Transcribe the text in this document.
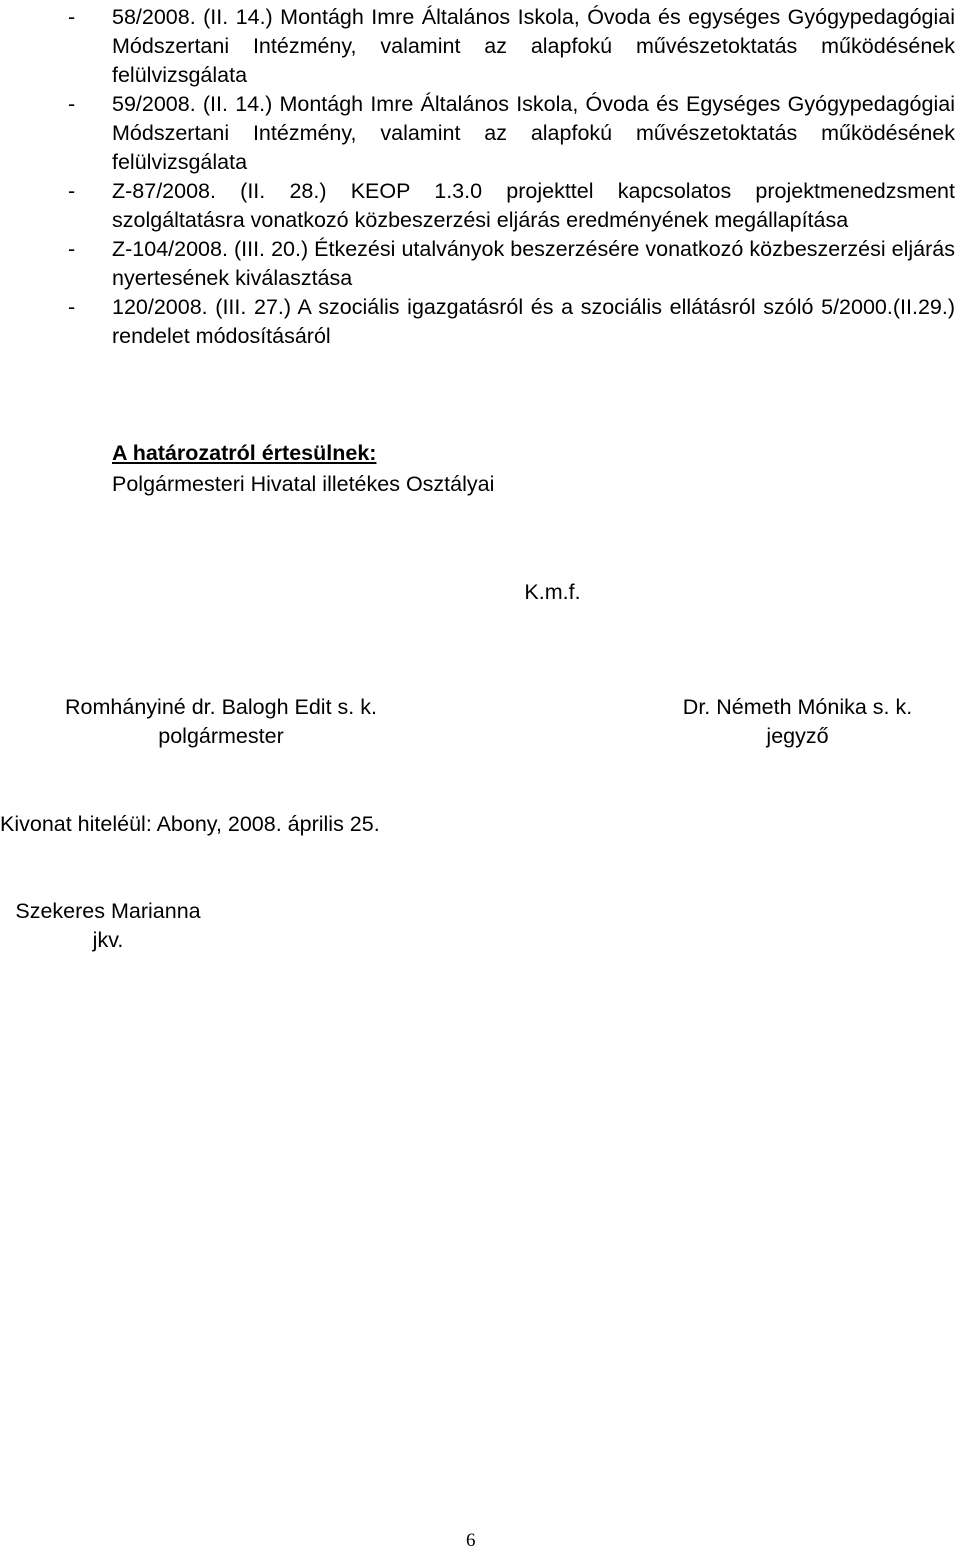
- 58/2008. (II. 14.) Montágh Imre Általános Iskola, Óvoda és egységes Gyógypedagógiai Módszertani Intézmény, valamint az alapfokú művészetoktatás működésének felülvizsgálata
- 59/2008. (II. 14.) Montágh Imre Általános Iskola, Óvoda és Egységes Gyógypedagógiai Módszertani Intézmény, valamint az alapfokú művészetoktatás működésének felülvizsgálata
- Z-87/2008. (II. 28.) KEOP 1.3.0 projekttel kapcsolatos projektmenedzsment szolgáltatásra vonatkozó közbeszerzési eljárás eredményének megállapítása
- Z-104/2008. (III. 20.) Étkezési utalványok beszerzésére vonatkozó közbeszerzési eljárás nyertesének kiválasztása
- 120/2008. (III. 27.) A szociális igazgatásról és a szociális ellátásról szóló 5/2000.(II.29.) rendelet módosításáról
A határozatról értesülnek:
Polgármesteri Hivatal illetékes Osztályai
K.m.f.
Romhányiné dr. Balogh Edit s. k.
polgármester
Dr. Németh Mónika s. k.
jegyző
Kivonat hiteléül: Abony, 2008. április 25.
Szekeres Marianna
jkv.
6
